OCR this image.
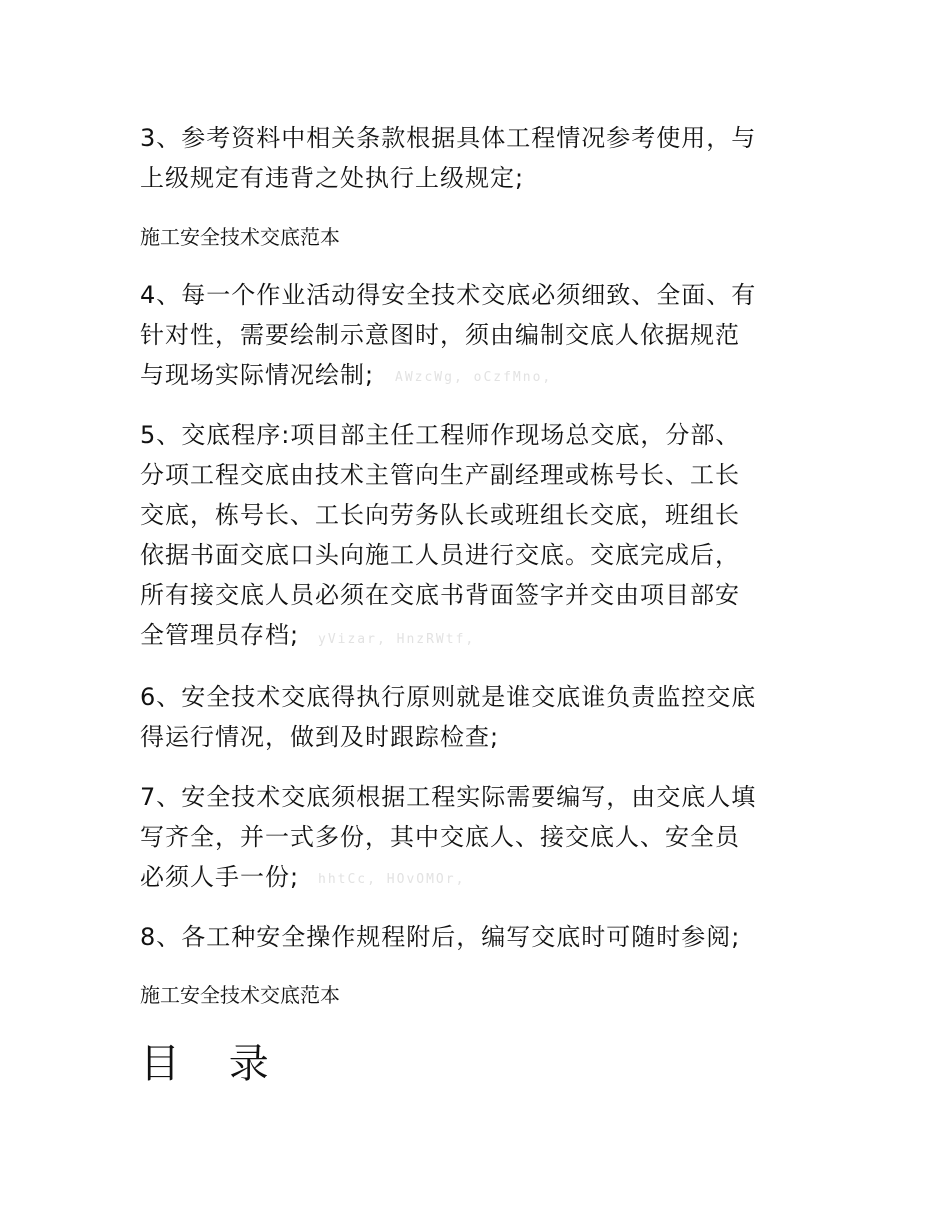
3、参考资料中相关条款根据具体工程情况参考使用，与
上级规定有违背之处执行上级规定;

施工安全技术交底范本

4、每一个作业活动得安全技术交底必须细致、全面、有
针对性，需要绘制示意图时，须由编制交底人依据规范
与现场实际情况绘制;

5、交底程序:项目部主任工程师作现场总交底，分部、
分项工程交底由技术主管向生产副经理或栋号长、工长
交底，栋号长、工长向劳务队长或班组长交底，班组长
依据书面交底口头向施工人员进行交底。交底完成后，
所有接交底人员必须在交底书背面签字并交由项目部安
全管理员存档;

6、安全技术交底得执行原则就是谁交底谁负责监控交底
得运行情况，做到及时跟踪检查;

7、安全技术交底须根据工程实际需要编写，由交底人填
写齐全，并一式多份，其中交底人、接交底人、安全员
必须人手一份;

8、各工种安全操作规程附后，编写交底时可随时参阅;

施工安全技术交底范本

目 录
AWzcWg, oCzfMno,
yVizar, HnzRWtf,
hhtCc, HOvOMOr,
